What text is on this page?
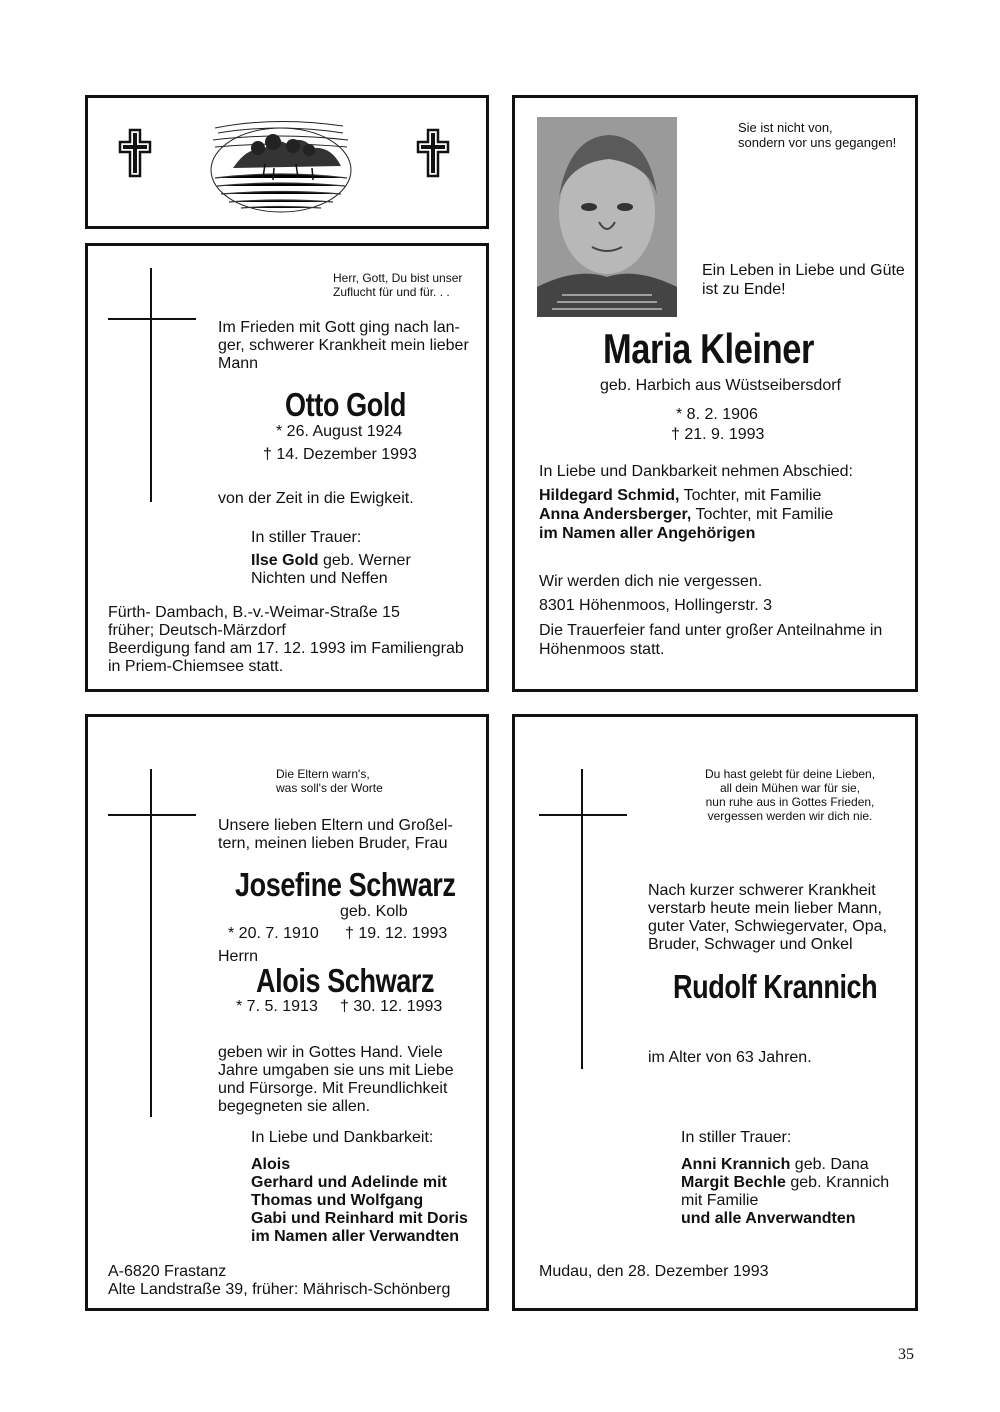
Herr, Gott, Du bist unser
Zuflucht für und für. . .
Im Frieden mit Gott ging nach lan-
ger, schwerer Krankheit mein lieber
Mann
Otto Gold
* 26. August 1924
† 14. Dezember 1993
von der Zeit in die Ewigkeit.
In stiller Trauer:
Ilse Gold geb. Werner
Nichten und Neffen
Fürth- Dambach, B.-v.-Weimar-Straße 15
früher; Deutsch-Märzdorf
Beerdigung fand am 17. 12. 1993 im Familiengrab
in Priem-Chiemsee statt.
Sie ist nicht von,
sondern vor uns gegangen!
Ein Leben in Liebe und Güte
ist zu Ende!
Maria Kleiner
geb. Harbich aus Wüstseibersdorf
* 8. 2. 1906
† 21. 9. 1993
In Liebe und Dankbarkeit nehmen Abschied:
Hildegard Schmid, Tochter, mit Familie
Anna Andersberger, Tochter, mit Familie
im Namen aller Angehörigen
Wir werden dich nie vergessen.
8301 Höhenmoos, Hollingerstr. 3
Die Trauerfeier fand unter großer Anteilnahme in
Höhenmoos statt.
Die Eltern warn's,
was soll's der Worte
Unsere lieben Eltern und Großel-
tern, meinen lieben Bruder, Frau
Josefine Schwarz
geb. Kolb
* 20. 7. 1910 † 19. 12. 1993
Herrn
Alois Schwarz
* 7. 5. 1913 † 30. 12. 1993
geben wir in Gottes Hand. Viele
Jahre umgaben sie uns mit Liebe
und Fürsorge. Mit Freundlichkeit
begegneten sie allen.
In Liebe und Dankbarkeit:
Alois
Gerhard und Adelinde mit
Thomas und Wolfgang
Gabi und Reinhard mit Doris
im Namen aller Verwandten
A-6820 Frastanz
Alte Landstraße 39, früher: Mährisch-Schönberg
Du hast gelebt für deine Lieben,
all dein Mühen war für sie,
nun ruhe aus in Gottes Frieden,
vergessen werden wir dich nie.
Nach kurzer schwerer Krankheit
verstarb heute mein lieber Mann,
guter Vater, Schwiegervater, Opa,
Bruder, Schwager und Onkel
Rudolf Krannich
im Alter von 63 Jahren.
In stiller Trauer:
Anni Krannich geb. Dana
Margit Bechle geb. Krannich
mit Familie
und alle Anverwandten
Mudau, den 28. Dezember 1993
35
